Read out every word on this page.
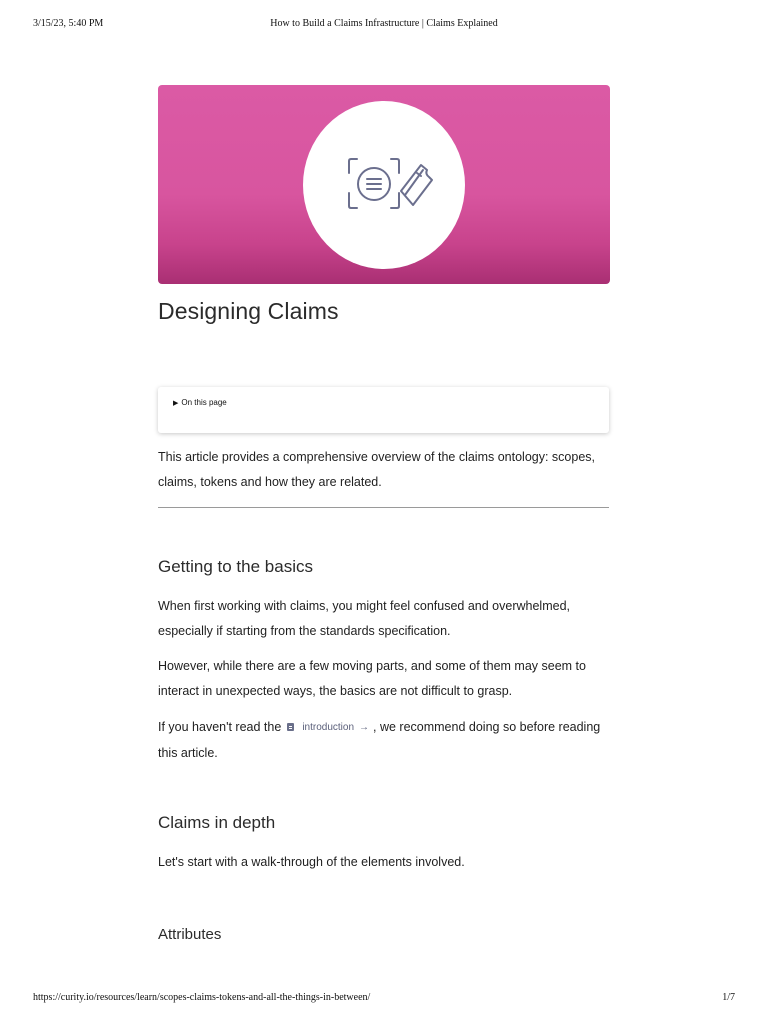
3/15/23, 5:40 PM	How to Build a Claims Infrastructure | Claims Explained
Designing Claims
▶ On this page

This article provides a comprehensive overview of the claims ontology: scopes, claims, tokens and how they are related.

Getting to the basics

When first working with claims, you might feel confused and overwhelmed, especially if starting from the standards specification.

However, while there are a few moving parts, and some of them may seem to interact in unexpected ways, the basics are not difficult to grasp.

If you haven't read the introduction → , we recommend doing so before reading this article.

Claims in depth

Let's start with a walk-through of the elements involved.

Attributes
https://curity.io/resources/learn/scopes-claims-tokens-and-all-the-things-in-between/	1/7
